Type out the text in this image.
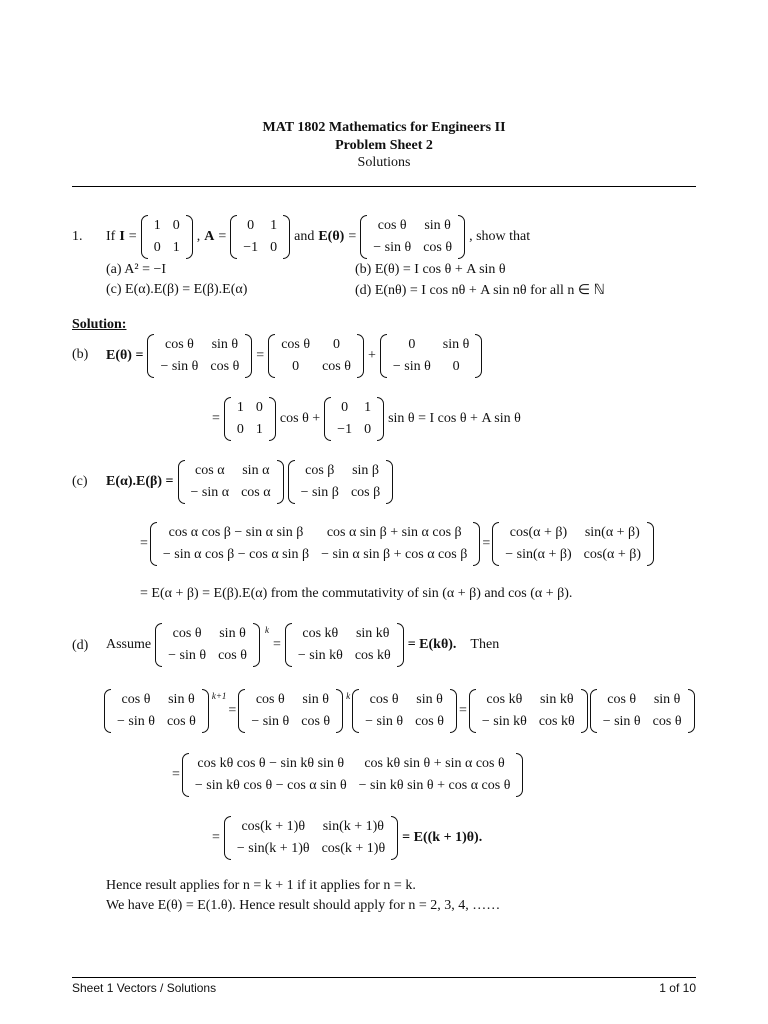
MAT 1802 Mathematics for Engineers II
Problem Sheet 2
Solutions
1. If I =
1	0
0	1
, A =
0	1
−1	0
and E(θ) =
cos θ	sin θ
− sin θ	cos θ
, show that
(a) A² = −I	(b) E(θ) = I cos θ + A sin θ
(c) E(α).E(β) = E(β).E(α)	(d) E(nθ) = I cos nθ + A sin nθ for all n ∈ ℕ
Solution:
(b) E(θ) =
cos θ	sin θ
− sin θ	cos θ
=
cos θ	0
0	cos θ
+
0	sin θ
− sin θ	0
=
1	0
0	1
cos θ +
0	1
−1	0
sin θ = I cos θ + A sin θ
(c) E(α).E(β) =
cos α	sin α
− sin α	cos α
cos β	sin β
− sin β	cos β
=
cos α cos β − sin α sin β	cos α sin β + sin α cos β
− sin α cos β − cos α sin β	− sin α sin β + cos α cos β
=
cos(α + β)	sin(α + β)
− sin(α + β)	cos(α + β)
= E(α + β) = E(β).E(α) from the commutativity of sin (α + β) and cos (α + β).
(d) Assume
cos θ	sin θ
− sin θ	cos θ
k
=
cos kθ	sin kθ
− sin kθ	cos kθ
= E(kθ). Then
cos θ	sin θ
− sin θ	cos θ
k+1
=
cos θ	sin θ
− sin θ	cos θ
k cos θ	sin θ
− sin θ	cos θ
=
cos kθ	sin kθ
− sin kθ	cos kθ
cos θ	sin θ
− sin θ	cos θ
=
cos kθ cos θ − sin kθ sin θ	cos kθ sin θ + sin α cos θ
− sin kθ cos θ − cos α sin θ	− sin kθ sin θ + cos α cos θ
=
cos(k + 1)θ	sin(k + 1)θ
− sin(k + 1)θ	cos(k + 1)θ
= E((k + 1)θ).
Hence result applies for n = k + 1 if it applies for n = k.
We have E(θ) = E(1.θ). Hence result should apply for n = 2, 3, 4, ……
Sheet 1 Vectors / Solutions	1 of 10
